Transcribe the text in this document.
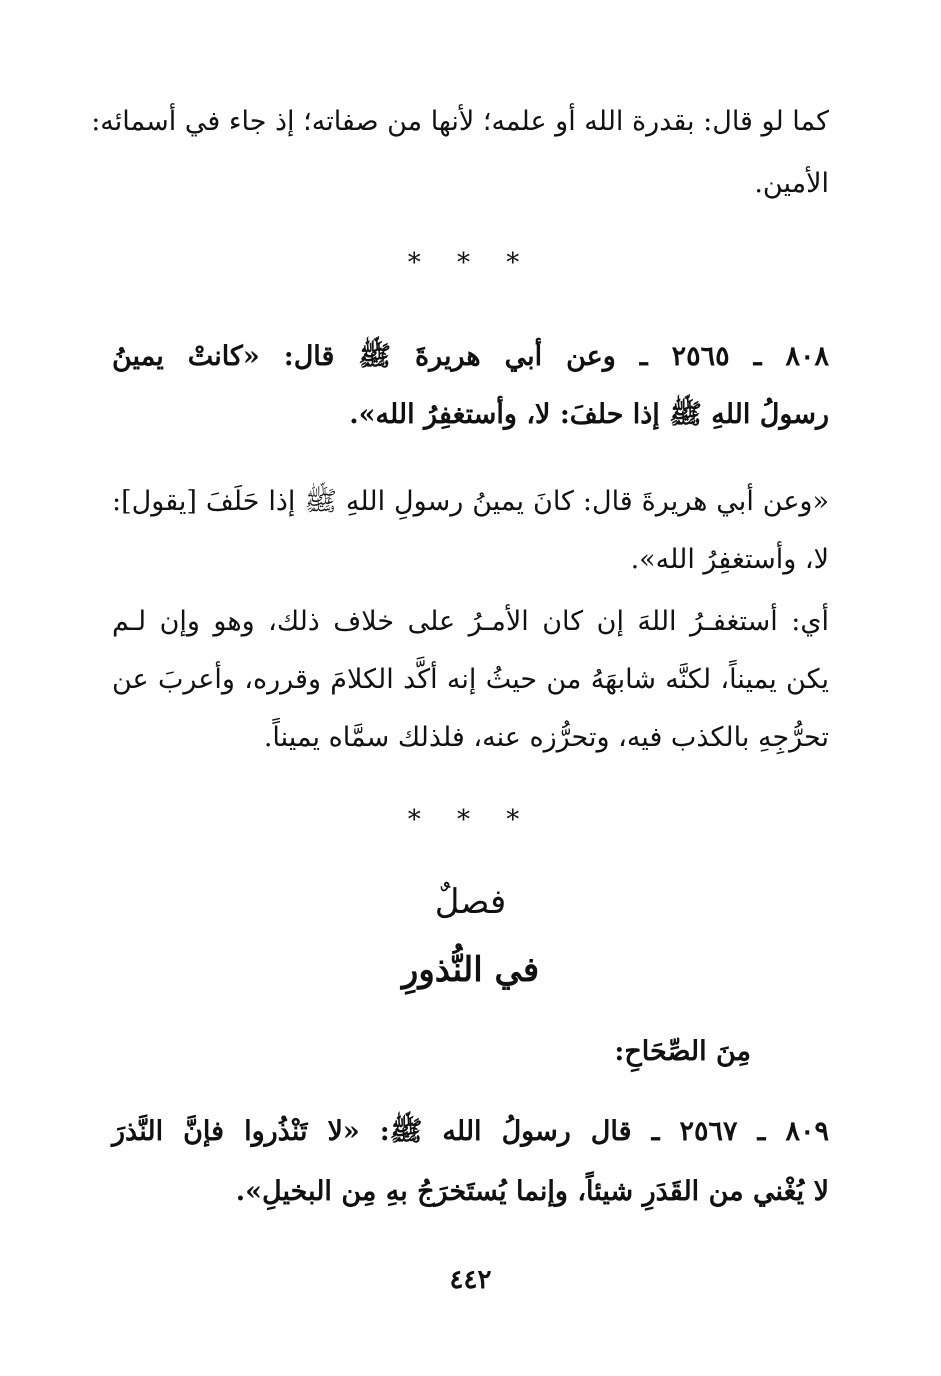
كما لو قال: بقدرة الله أو علمه؛ لأنها من صفاته؛ إذ جاء في أسمائه:
الأمين.
* * *
٨٠٨ ـ ٢٥٦٥ ـ وعن أبي هريرةَ ﷺ قال: «كانتْ يمينُ
رسولُ اللهِ ﷺ إذا حلفَ: لا، وأستغفِرُ الله».
«وعن أبي هريرةَ قال: كانَ يمينُ رسولِ اللهِ ﷺ إذا حَلَفَ [يقول]:
لا، وأستغفِرُ الله».
أي: أستغفـرُ اللهَ إن كان الأمـرُ على خلاف ذلك، وهو وإن لـم
يكن يميناً، لكنَّه شابهَهُ من حيثُ إنه أكَّد الكلامَ وقرره، وأعربَ عن
تحرُّجِهِ بالكذب فيه، وتحرُّزه عنه، فلذلك سمَّاه يميناً.
* * *
فصلٌ
في النُّذورِ
مِنَ الصِّحَاحِ:
٨٠٩ ـ ٢٥٦٧ ـ قال رسولُ الله ﷺ: «لا تَنْذُروا فإنَّ النَّذرَ
لا يُغْني من القَدَرِ شيئاً، وإنما يُستَخرَجُ بهِ مِن البخيلِ».
٤٤٢
